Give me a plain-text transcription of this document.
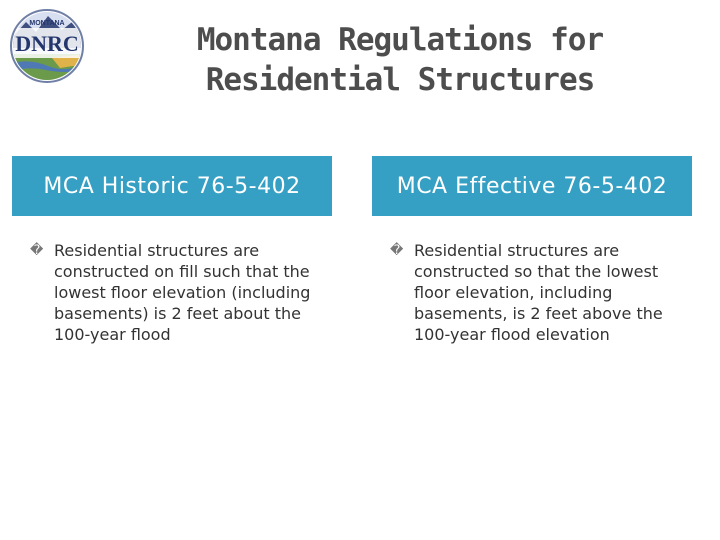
MONTANA
DNRC	Montana Regulations for
Residential Structures
MCA Historic 76-5-402	MCA Effective 76-5-402
� Residential structures are constructed on fill such that the lowest floor elevation (including basements) is 2 feet about the 100-year flood
� Residential structures are constructed so that the lowest floor elevation, including basements, is 2 feet above the 100-year flood elevation
